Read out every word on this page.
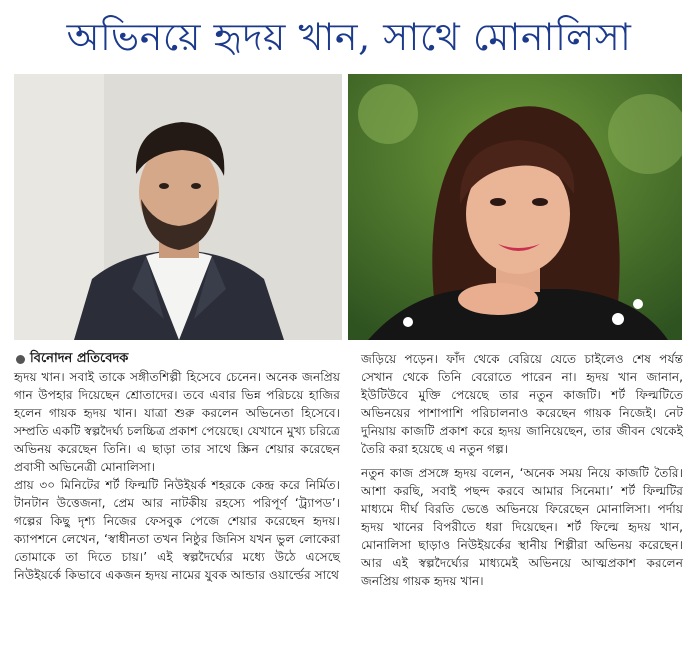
অভিনয়ে হৃদয় খান, সাথে মোনালিসা
বিনোদন প্রতিবেদক

হৃদয় খান। সবাই তাকে সঙ্গীতশিল্পী হিসেবে চেনেন। অনেক জনপ্রিয় গান উপহার দিয়েছেন শ্রোতাদের। তবে এবার ভিন্ন পরিচয়ে হাজির হলেন গায়ক হৃদয় খান। যাত্রা শুরু করলেন অভিনেতা হিসেবে। সম্প্রতি একটি স্বল্পদৈর্ঘ্য চলচ্চিত্র প্রকাশ পেয়েছে। যেখানে মুখ্য চরিত্রে অভিনয় করেছেন তিনি। এ ছাড়া তার সাথে স্ক্রিন শেয়ার করেছেন প্রবাসী অভিনেত্রী মোনালিসা।

প্রায় ৩০ মিনিটের শর্ট ফিল্মটি নিউইয়র্ক শহরকে কেন্দ্র করে নির্মিত। টানটান উত্তেজনা, প্রেম আর নাটকীয় রহস্যে পরিপূর্ণ ‘ট্র্যাপড’। গল্পের কিছু দৃশ্য নিজের ফেসবুক পেজে শেয়ার করেছেন হৃদয়। ক্যাপশনে লেখেন, ‘স্বাধীনতা তখন নিষ্ঠুর জিনিস যখন ভুল লোকেরা তোমাকে তা দিতে চায়।’ এই স্বল্পদৈর্ঘ্যের মধ্যে উঠে এসেছে নিউইয়র্কে কিভাবে একজন হৃদয় নামের যুবক আন্ডার ওয়ার্ল্ডের সাথে

জড়িয়ে পড়েন। ফাঁদ থেকে বেরিয়ে যেতে চাইলেও শেষ পর্যন্ত সেখান থেকে তিনি বেরোতে পারেন না। হৃদয় খান জানান, ইউটিউবে মুক্তি পেয়েছে তার নতুন কাজটি। শর্ট ফিল্মটিতে অভিনয়ের পাশাপাশি পরিচালনাও করেছেন গায়ক নিজেই। নেট দুনিয়ায় কাজটি প্রকাশ করে হৃদয় জানিয়েছেন, তার জীবন থেকেই তৈরি করা হয়েছে এ নতুন গল্প।

নতুন কাজ প্রসঙ্গে হৃদয় বলেন, ‘অনেক সময় নিয়ে কাজটি তৈরি। আশা করছি, সবাই পছন্দ করবে আমার সিনেমা।’ শর্ট ফিল্মটির মাধ্যমে দীর্ঘ বিরতি ভেঙে অভিনয়ে ফিরেছেন মোনালিসা। পর্দায় হৃদয় খানের বিপরীতে ধরা দিয়েছেন। শর্ট ফিল্মে হৃদয় খান, মোনালিসা ছাড়াও নিউইয়র্কের স্থানীয় শিল্পীরা অভিনয় করেছেন। আর এই স্বল্পদৈর্ঘ্যের মাধ্যমেই অভিনয়ে আত্মপ্রকাশ করলেন জনপ্রিয় গায়ক হৃদয় খান।
